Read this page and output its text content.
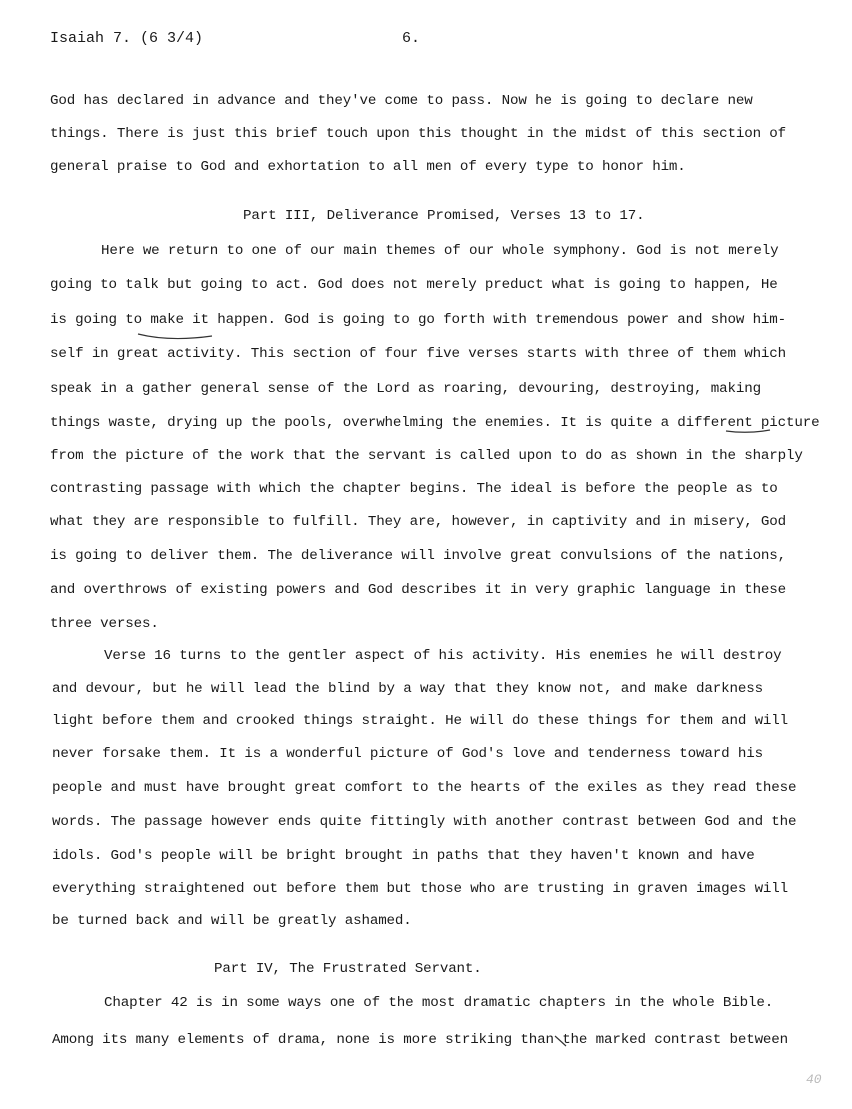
Isaiah 7. (6 3/4)	6.
God has declared in advance and they've come to pass. Now he is going to declare new
things. There is just this brief touch upon this thought in the midst of this section of
general praise to God and exhortation to all men of every type to honor him.
Part III, Deliverance Promised, Verses 13 to 17.
Here we return to one of our main themes of our whole symphony. God is not merely
going to talk but going to act. God does not merely preduct what is going to happen, He
is going to make it happen. God is going to go forth with tremendous power and show him-
self in great activity. This section of four five verses starts with three of them which
speak in a gather general sense of the Lord as roaring, devouring, destroying, making
things waste, drying up the pools, overwhelming the enemies. It is quite a different picture
from the picture of the work that the servant is called upon to do as shown in the sharply
contrasting passage with which the chapter begins. The ideal is before the people as to
what they are responsible to fulfill. They are, however, in captivity and in misery, God
is going to deliver them. The deliverance will involve great convulsions of the nations,
and overthrows of existing powers and God describes it in very graphic language in these
three verses.
Verse 16 turns to the gentler aspect of his activity. His enemies he will destroy
and devour, but he will lead the blind by a way that they know not, and make darkness
light before them and crooked things straight. He will do these things for them and will
never forsake them. It is a wonderful picture of God's love and tenderness toward his
people and must have brought great comfort to the hearts of the exiles as they read these
words. The passage however ends quite fittingly with another contrast between God and the
idols. God's people will be bright brought in paths that they haven't known and have
everything straightened out before them but those who are trusting in graven images will
be turned back and will be greatly ashamed.
Part IV, The Frustrated Servant.
Chapter 42 is in some ways one of the most dramatic chapters in the whole Bible.
Among its many elements of drama, none is more striking than the marked contrast between
40
